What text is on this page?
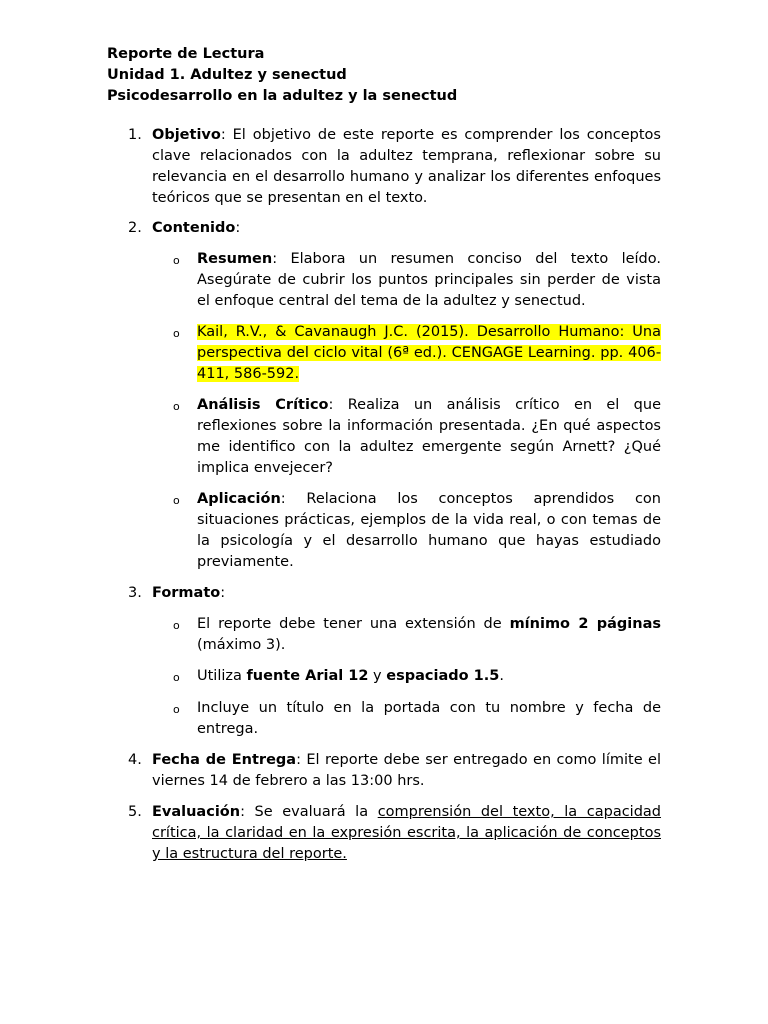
Reporte de Lectura
Unidad 1. Adultez y senectud
Psicodesarrollo en la adultez y la senectud
1. Objetivo: El objetivo de este reporte es comprender los conceptos clave relacionados con la adultez temprana, reflexionar sobre su relevancia en el desarrollo humano y analizar los diferentes enfoques teóricos que se presentan en el texto.
2. Contenido:
o Resumen: Elabora un resumen conciso del texto leído. Asegúrate de cubrir los puntos principales sin perder de vista el enfoque central del tema de la adultez y senectud.
o Kail, R.V., & Cavanaugh J.C. (2015). Desarrollo Humano: Una perspectiva del ciclo vital (6ª ed.). CENGAGE Learning. pp. 406-411, 586-592.
o Análisis Crítico: Realiza un análisis crítico en el que reflexiones sobre la información presentada. ¿En qué aspectos me identifico con la adultez emergente según Arnett? ¿Qué implica envejecer?
o Aplicación: Relaciona los conceptos aprendidos con situaciones prácticas, ejemplos de la vida real, o con temas de la psicología y el desarrollo humano que hayas estudiado previamente.
3. Formato:
o El reporte debe tener una extensión de mínimo 2 páginas (máximo 3).
o Utiliza fuente Arial 12 y espaciado 1.5.
o Incluye un título en la portada con tu nombre y fecha de entrega.
4. Fecha de Entrega: El reporte debe ser entregado en como límite el viernes 14 de febrero a las 13:00 hrs.
5. Evaluación: Se evaluará la comprensión del texto, la capacidad crítica, la claridad en la expresión escrita, la aplicación de conceptos y la estructura del reporte.
